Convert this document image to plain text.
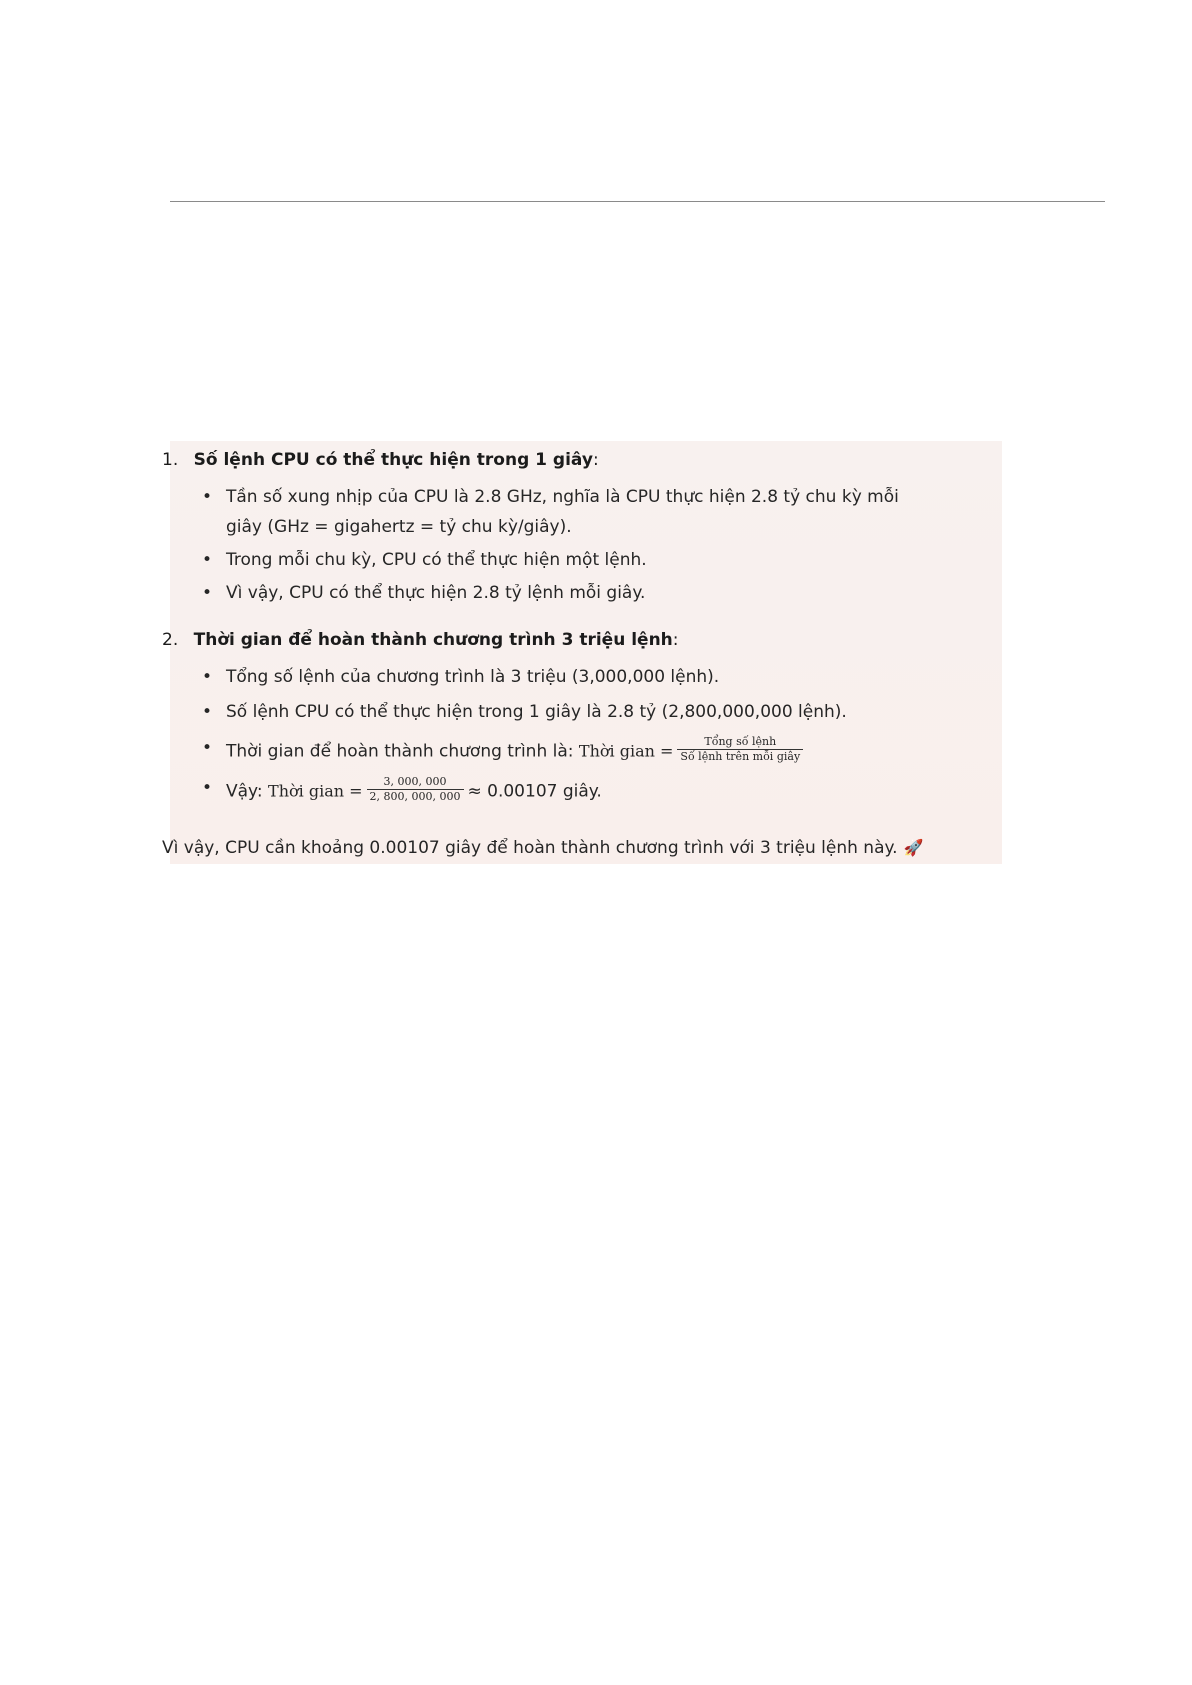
1. Số lệnh CPU có thể thực hiện trong 1 giây:
• Tần số xung nhịp của CPU là 2.8 GHz, nghĩa là CPU thực hiện 2.8 tỷ chu kỳ mỗi
giây (GHz = gigahertz = tỷ chu kỳ/giây).
• Trong mỗi chu kỳ, CPU có thể thực hiện một lệnh.
• Vì vậy, CPU có thể thực hiện 2.8 tỷ lệnh mỗi giây.
2. Thời gian để hoàn thành chương trình 3 triệu lệnh:
• Tổng số lệnh của chương trình là 3 triệu (3,000,000 lệnh).
• Số lệnh CPU có thể thực hiện trong 1 giây là 2.8 tỷ (2,800,000,000 lệnh).
• Thời gian để hoàn thành chương trình là: Thời gian = $\frac{\text{Tổng số lệnh}}{\text{Số lệnh trên mỗi giây}}$
• Vậy: Thời gian = $\frac{3, 000, 000}{2, 800, 000, 000} \approx 0.00107$ giây.
Vì vậy, CPU cần khoảng 0.00107 giây để hoàn thành chương trình với 3 triệu lệnh này. 🚀
